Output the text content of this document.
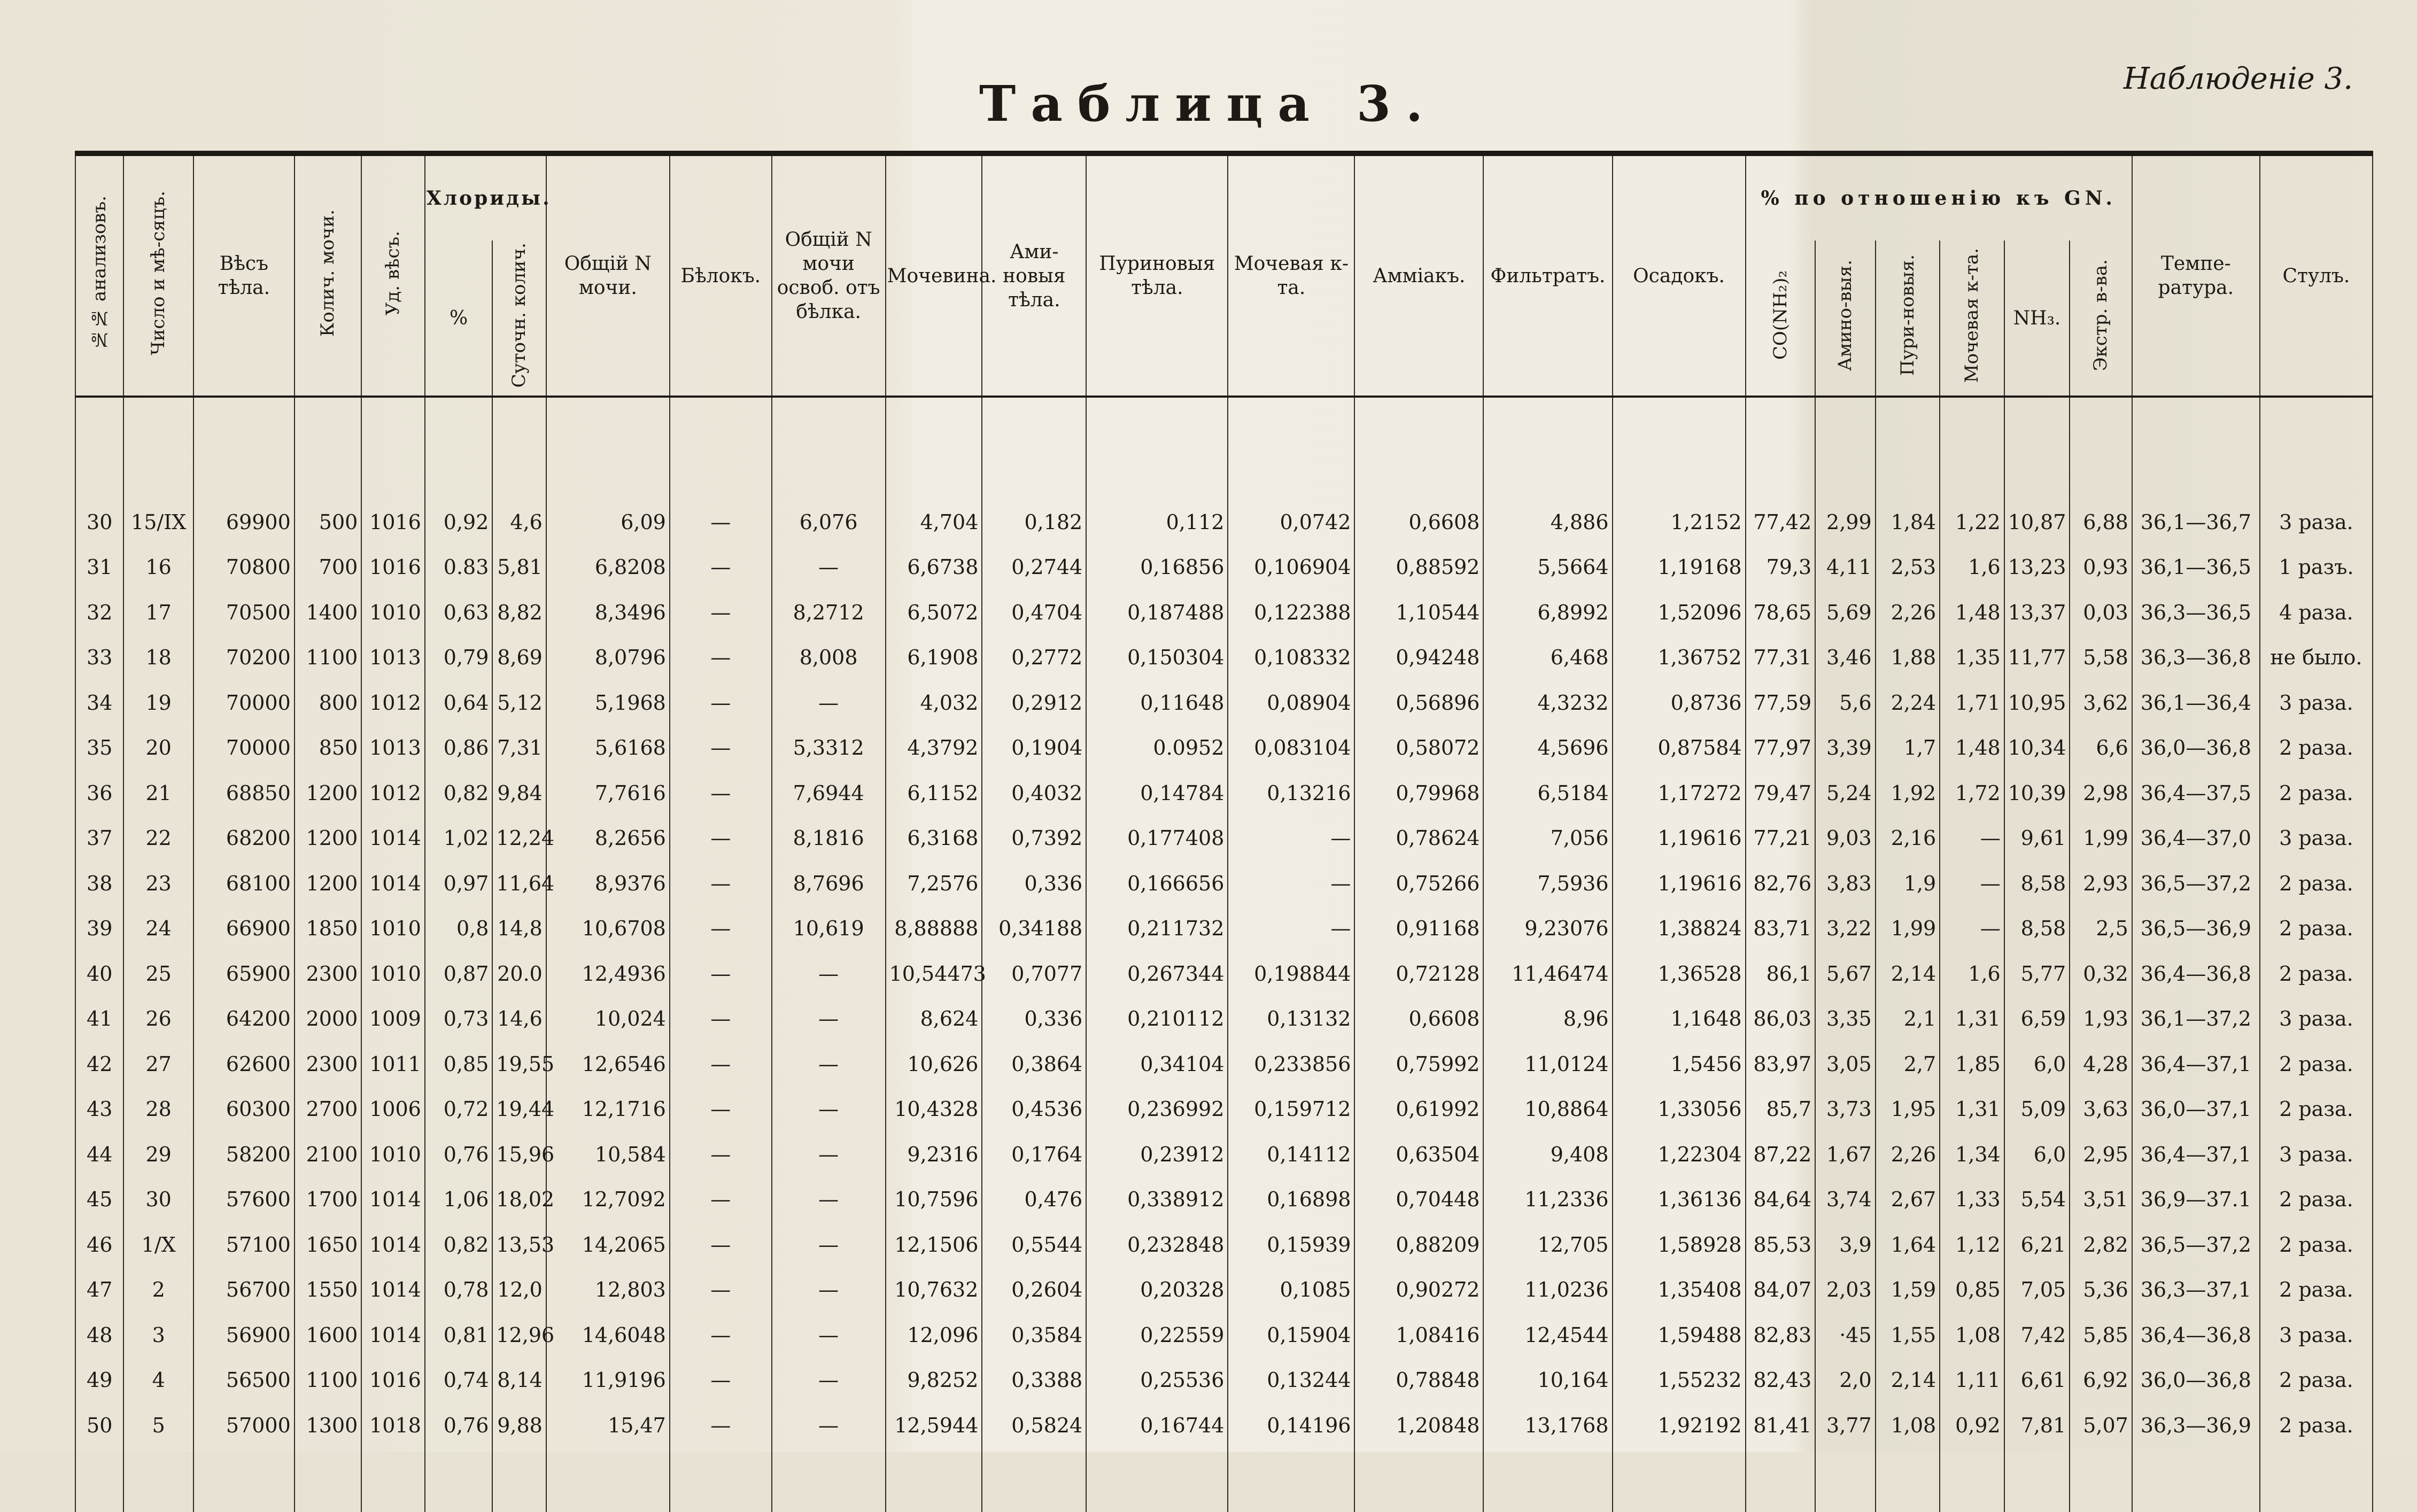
Таблица 3.	Наблюденiе 3.
№№ анализовъ.	Число и мѣ-сяцъ.	Вѣсъ тѣла.	Колич. мочи.	Уд. вѣсъ.	Хлориды.		Общiй N мочи.	Бѣлокъ.	Общiй N мочи освоб. отъ бѣлка.	Мочевина.	Ами-новыя тѣла.	Пуриновыя тѣла.	Мочевая к-та.	Аммiакъ.	Фильтратъ.	Осадокъ.	% по отношенiю къ GN.						Темпе-ратура.	Стулъ.
					%	Суточн. колич.											CO(NH₂)₂	Амино-выя.	Пури-новыя.	Мочевая к-та.	NH₃.	Экстр. в-ва.		

30	15/IX	69900	500	1016	0,92	4,6	6,09	—	6,076	4,704	0,182	0,112	0,0742	0,6608	4,886	1,2152	77,42	2,99	1,84	1,22	10,87	6,88	36,1—36,7	3 раза.
31	16	70800	700	1016	0.83	5,81	6,8208	—	—	6,6738	0,2744	0,16856	0,106904	0,88592	5,5664	1,19168	79,3	4,11	2,53	1,6	13,23	0,93	36,1—36,5	1 разъ.
32	17	70500	1400	1010	0,63	8,82	8,3496	—	8,2712	6,5072	0,4704	0,187488	0,122388	1,10544	6,8992	1,52096	78,65	5,69	2,26	1,48	13,37	0,03	36,3—36,5	4 раза.
33	18	70200	1100	1013	0,79	8,69	8,0796	—	8,008	6,1908	0,2772	0,150304	0,108332	0,94248	6,468	1,36752	77,31	3,46	1,88	1,35	11,77	5,58	36,3—36,8	не было.
34	19	70000	800	1012	0,64	5,12	5,1968	—	—	4,032	0,2912	0,11648	0,08904	0,56896	4,3232	0,8736	77,59	5,6	2,24	1,71	10,95	3,62	36,1—36,4	3 раза.
35	20	70000	850	1013	0,86	7,31	5,6168	—	5,3312	4,3792	0,1904	0.0952	0,083104	0,58072	4,5696	0,87584	77,97	3,39	1,7	1,48	10,34	6,6	36,0—36,8	2 раза.
36	21	68850	1200	1012	0,82	9,84	7,7616	—	7,6944	6,1152	0,4032	0,14784	0,13216	0,79968	6,5184	1,17272	79,47	5,24	1,92	1,72	10,39	2,98	36,4—37,5	2 раза.
37	22	68200	1200	1014	1,02	12,24	8,2656	—	8,1816	6,3168	0,7392	0,177408	—	0,78624	7,056	1,19616	77,21	9,03	2,16	—	9,61	1,99	36,4—37,0	3 раза.
38	23	68100	1200	1014	0,97	11,64	8,9376	—	8,7696	7,2576	0,336	0,166656	—	0,75266	7,5936	1,19616	82,76	3,83	1,9	—	8,58	2,93	36,5—37,2	2 раза.
39	24	66900	1850	1010	0,8	14,8	10,6708	—	10,619	8,88888	0,34188	0,211732	—	0,91168	9,23076	1,38824	83,71	3,22	1,99	—	8,58	2,5	36,5—36,9	2 раза.
40	25	65900	2300	1010	0,87	20.0	12,4936	—	—	10,54473	0,7077	0,267344	0,198844	0,72128	11,46474	1,36528	86,1	5,67	2,14	1,6	5,77	0,32	36,4—36,8	2 раза.
41	26	64200	2000	1009	0,73	14,6	10,024	—	—	8,624	0,336	0,210112	0,13132	0,6608	8,96	1,1648	86,03	3,35	2,1	1,31	6,59	1,93	36,1—37,2	3 раза.
42	27	62600	2300	1011	0,85	19,55	12,6546	—	—	10,626	0,3864	0,34104	0,233856	0,75992	11,0124	1,5456	83,97	3,05	2,7	1,85	6,0	4,28	36,4—37,1	2 раза.
43	28	60300	2700	1006	0,72	19,44	12,1716	—	—	10,4328	0,4536	0,236992	0,159712	0,61992	10,8864	1,33056	85,7	3,73	1,95	1,31	5,09	3,63	36,0—37,1	2 раза.
44	29	58200	2100	1010	0,76	15,96	10,584	—	—	9,2316	0,1764	0,23912	0,14112	0,63504	9,408	1,22304	87,22	1,67	2,26	1,34	6,0	2,95	36,4—37,1	3 раза.
45	30	57600	1700	1014	1,06	18,02	12,7092	—	—	10,7596	0,476	0,338912	0,16898	0,70448	11,2336	1,36136	84,64	3,74	2,67	1,33	5,54	3,51	36,9—37.1	2 раза.
46	1/X	57100	1650	1014	0,82	13,53	14,2065	—	—	12,1506	0,5544	0,232848	0,15939	0,88209	12,705	1,58928	85,53	3,9	1,64	1,12	6,21	2,82	36,5—37,2	2 раза.
47	2	56700	1550	1014	0,78	12,0	12,803	—	—	10,7632	0,2604	0,20328	0,1085	0,90272	11,0236	1,35408	84,07	2,03	1,59	0,85	7,05	5,36	36,3—37,1	2 раза.
48	3	56900	1600	1014	0,81	12,96	14,6048	—	—	12,096	0,3584	0,22559	0,15904	1,08416	12,4544	1,59488	82,83	·45	1,55	1,08	7,42	5,85	36,4—36,8	3 раза.
49	4	56500	1100	1016	0,74	8,14	11,9196	—	—	9,8252	0,3388	0,25536	0,13244	0,78848	10,164	1,55232	82,43	2,0	2,14	1,11	6,61	6,92	36,0—36,8	2 раза.
50	5	57000	1300	1018	0,76	9,88	15,47	—	—	12,5944	0,5824	0,16744	0,14196	1,20848	13,1768	1,92192	81,41	3,77	1,08	0,92	7,81	5,07	36,3—36,9	2 раза.
